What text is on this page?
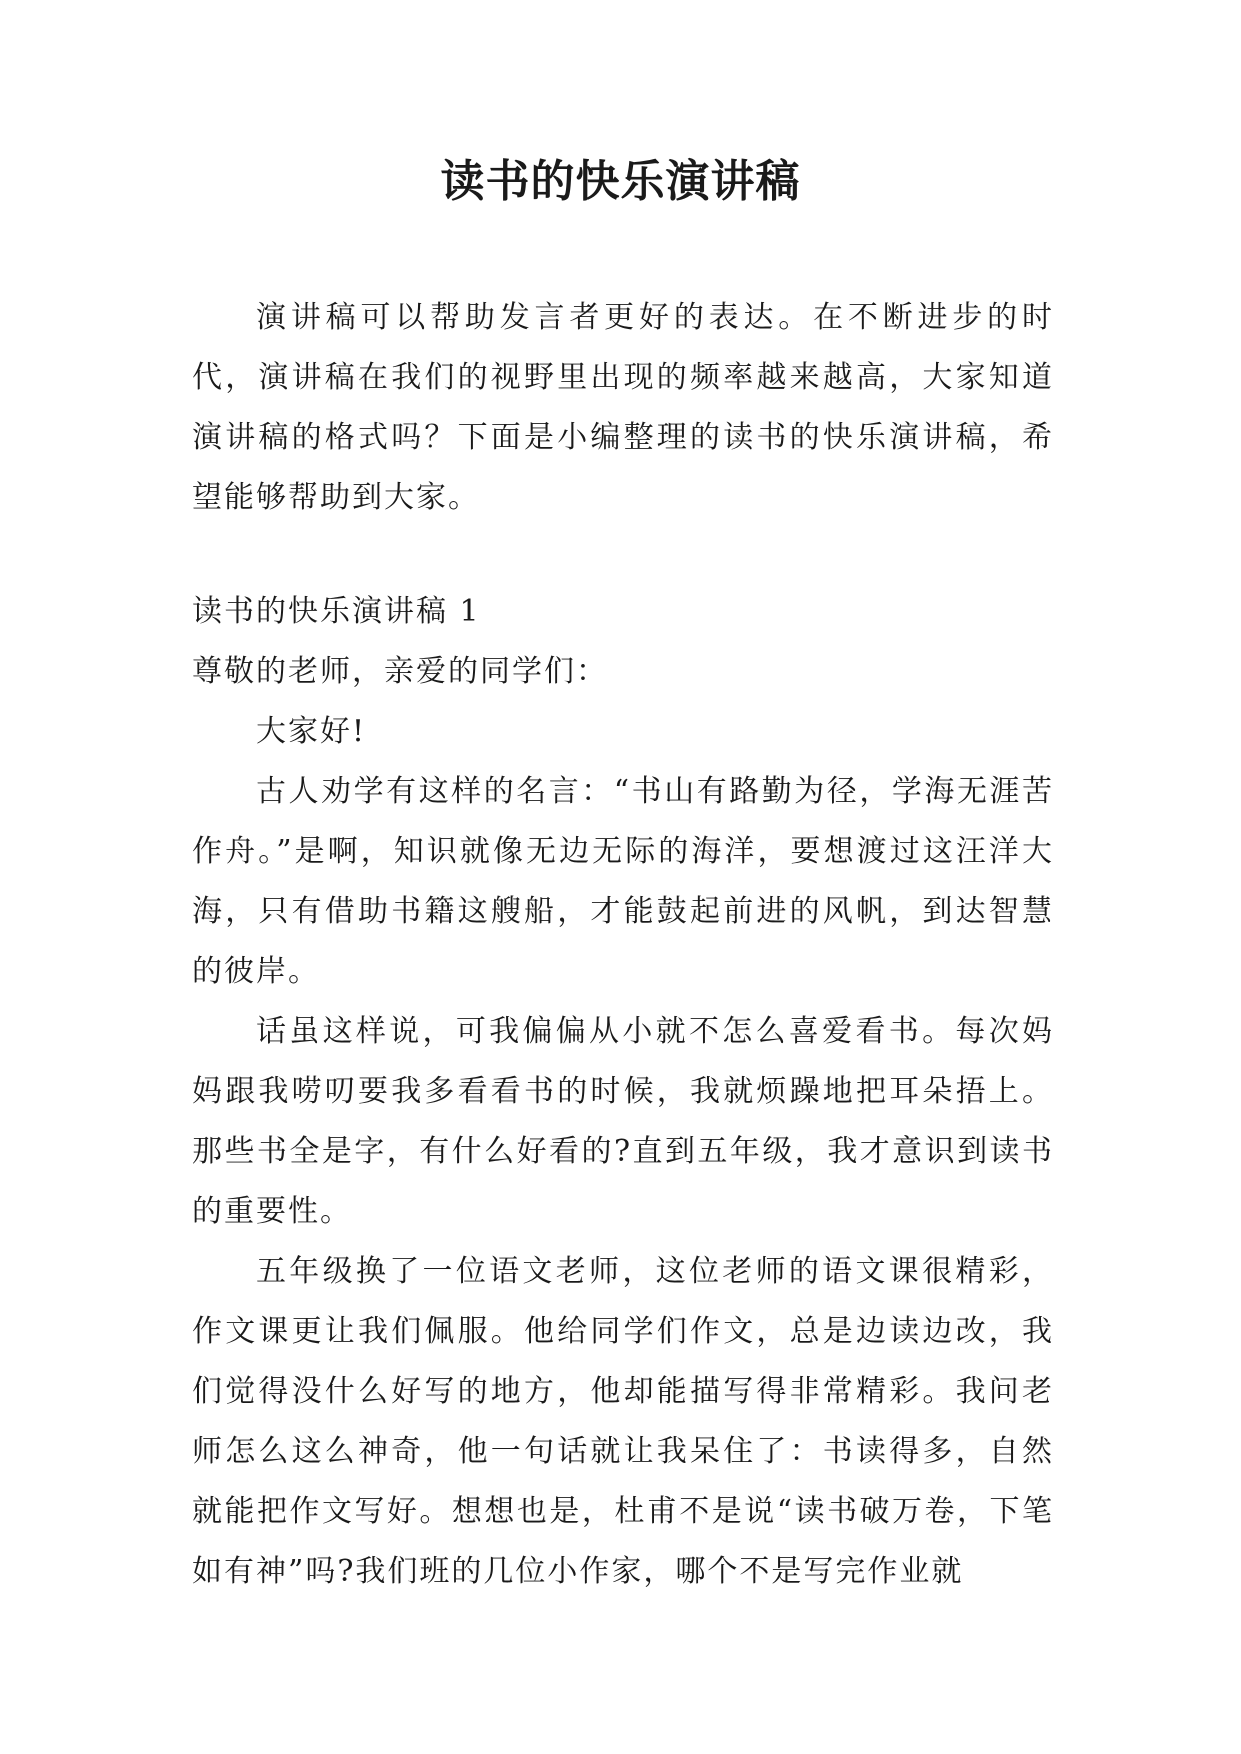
读书的快乐演讲稿

演讲稿可以帮助发言者更好的表达。在不断进步的时代，演讲稿在我们的视野里出现的频率越来越高，大家知道演讲稿的格式吗？下面是小编整理的读书的快乐演讲稿，希望能够帮助到大家。

读书的快乐演讲稿 1

尊敬的老师，亲爱的同学们：

大家好!

古人劝学有这样的名言：“书山有路勤为径，学海无涯苦作舟。”是啊，知识就像无边无际的海洋，要想渡过这汪洋大海，只有借助书籍这艘船，才能鼓起前进的风帆，到达智慧的彼岸。

话虽这样说，可我偏偏从小就不怎么喜爱看书。每次妈妈跟我唠叨要我多看看书的时候，我就烦躁地把耳朵捂上。那些书全是字，有什么好看的?直到五年级，我才意识到读书的重要性。

五年级换了一位语文老师，这位老师的语文课很精彩，作文课更让我们佩服。他给同学们作文，总是边读边改，我们觉得没什么好写的地方，他却能描写得非常精彩。我问老师怎么这么神奇，他一句话就让我呆住了：书读得多，自然就能把作文写好。想想也是，杜甫不是说“读书破万卷，下笔如有神”吗?我们班的几位小作家，哪个不是写完作业就
